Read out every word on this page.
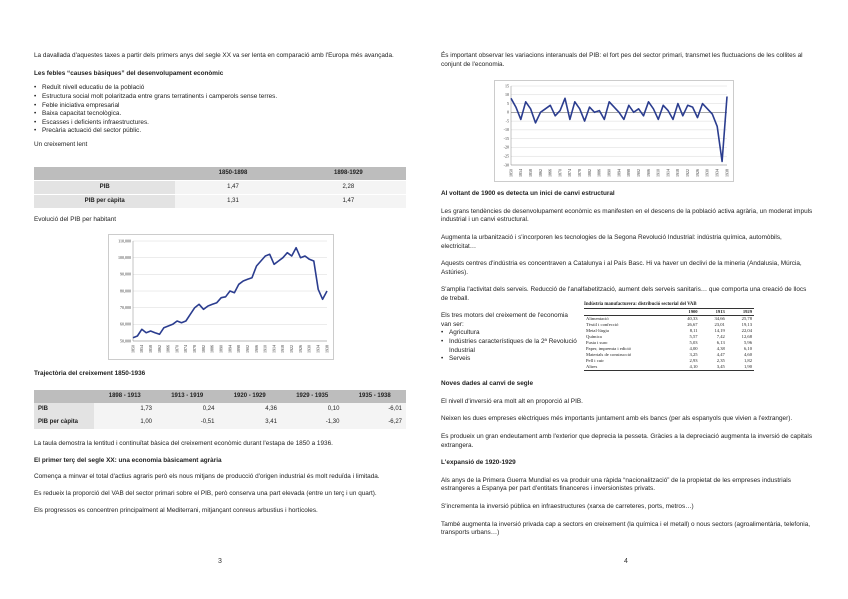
La davallada d'aquestes taxes a partir dels primers anys del segle XX va ser lenta en comparació amb l'Europa més avançada.

Les febles “causes bàsiques” del desenvolupament econòmic

• Reduït nivell educatiu de la població
• Estructura social molt polaritzada entre grans terratinents i camperols sense terres.
• Feble iniciativa empresarial
• Baixa capacitat tecnològica.
• Escasses i deficients infraestructures.
• Precària actuació del sector públic.

Un creixement lent

	1850-1898	1898-1929
PIB	1,47	2,28
PIB per càpita	1,31	1,47

Evolució del PIB per habitant

50,000
60,000
70,000
80,000
90,000
100,000
110,000
1850 1854 1858 1862 1866 1870 1874 1878 1882 1886 1890 1894 1898 1902 1906 1910 1914 1918 1922 1926 1930 1934 1938

Trajectòria del creixement 1850-1936

	1898 - 1913	1913 - 1919	1920 - 1929	1929 - 1935	1935 - 1938
PIB	1,73	0,24	4,36	0,10	-6,01
PIB per càpita	1,00	-0,51	3,41	-1,30	-6,27

La taula demostra la lentitud i continuïtat bàsica del creixement econòmic durant l'estapa de 1850 a 1936.

El primer terç del segle XX: una economia bàsicament agrària

Comença a minvar el total d'actius agraris però els nous mitjans de producció d'origen industrial és molt reduïda i limitada.

Es redueix la proporció del VAB del sector primari sobre el PIB, però conserva una part elevada (entre un terç i un quart).

Els progressos es concentren principalment al Mediterrani, mitjançant conreus arbustius i hortícoles.

3

És important observar les variacions interanuals del PIB: el fort pes del sector primari, transmet les fluctuacions de les collites al conjunt de l'economia.

15
10
5
0
-5
-10
-15
-20
-25
-30
1850 1854 1858 1862 1866 1870 1874 1878 1882 1886 1890 1894 1898 1902 1906 1910 1914 1918 1922 1926 1930 1934 1938

Al voltant de 1900 es detecta un inici de canvi estructural

Les grans tendències de desenvolupament econòmic es manifesten en el descens de la població activa agrària, un moderat impuls industrial i un canvi estructural.

Augmenta la urbanització i s'incorporen les tecnologies de la Segona Revolució Industrial: indústria química, automòbils, electricitat…

Aquests centres d'indústria es concentraven a Catalunya i al País Basc. Hi va haver un declivi de la mineria (Andalusia, Múrcia, Astúries).

S'amplia l'activitat dels serveis. Reducció de l'analfabetització, aument dels serveis sanitaris… que comporta una creació de llocs de treball.

Els tres motors del creixement de l'economia van ser:

• Agricultura
• Indústries característiques de la 2ª Revolució Industrial
• Serveis
Indústria manufacturera: distribució sectorial del VAB
	1900	1913	1929
Alimentació	40,33	34,66	25,78
Tèxtil i confecció	26,67	23,01	19,13
Metal·lúrgia	8,11	14,19	22,04
Química	5,57	7,42	12,68
Fusta i suro	5,03	6,13	5,96
Paper, impremta i edició	4,00	4,38	6,10
Materials de construcció	3,25	4,47	4,60
Pell i cuir	2,93	2,35	1,82
Altres	4,10	3,45	1,90

Noves dades al canvi de segle

El nivell d'inversió era molt alt en proporció al PIB.

Neixen les dues empreses elèctriques més importants juntament amb els bancs (per als espanyols que vivien a l'extranger).

Es produeix un gran endeutament amb l'exterior que deprecia la pesseta. Gràcies a la depreciació augmenta la inversió de capitals extrangera.

L'expansió de 1920-1929

Als anys de la Primera Guerra Mundial es va produir una ràpida “nacionalització” de la propietat de les empreses industrials estrangeres a Espanya per part d'entitats financeres i inversionistes privats.

S'incrementa la inversió pública en infraestructures (xarxa de carreteres, ports, metros…)

També augmenta la inversió privada cap a sectors en creixement (la química i el metall) o nous sectors (agroalimentària, telefonia, transports urbans…)

4
